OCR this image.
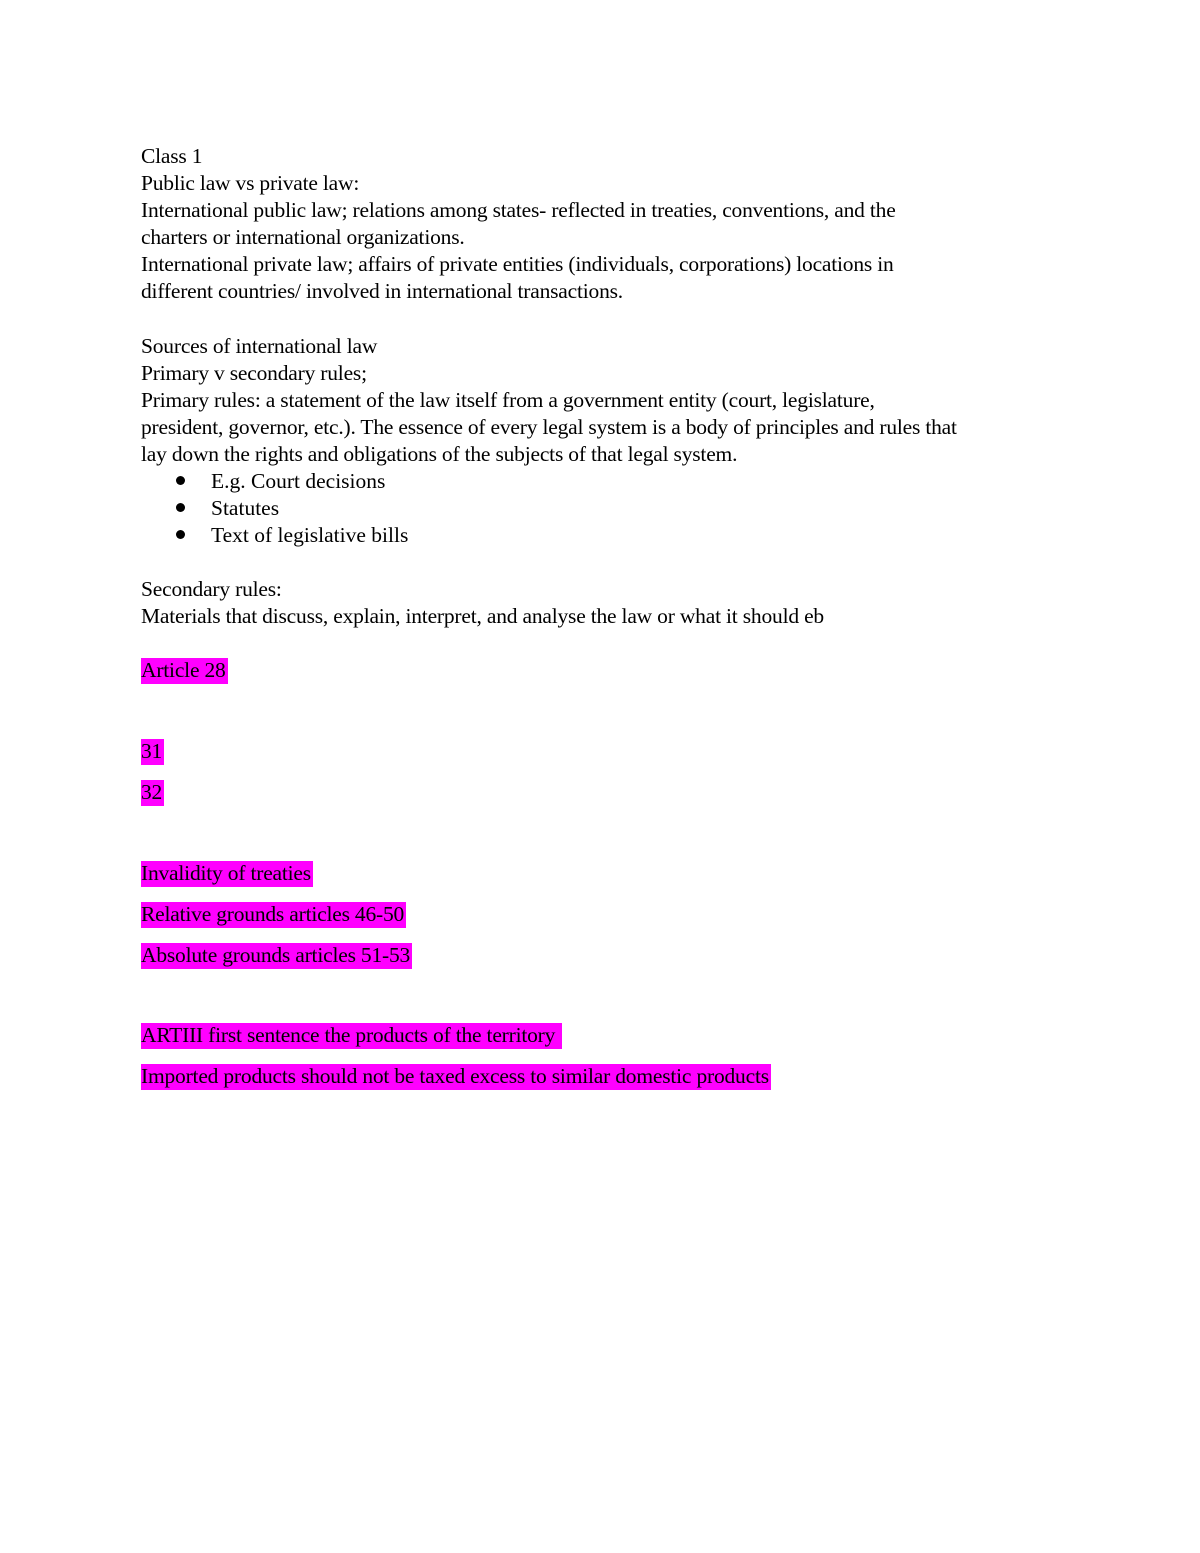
Class 1
Public law vs private law:
International public law; relations among states- reflected in treaties, conventions, and the
charters or international organizations.
International private law; affairs of private entities (individuals, corporations) locations in
different countries/ involved in international transactions.
Sources of international law
Primary v secondary rules;
Primary rules: a statement of the law itself from a government entity (court, legislature,
president, governor, etc.). The essence of every legal system is a body of principles and rules that
lay down the rights and obligations of the subjects of that legal system.
E.g. Court decisions
Statutes
Text of legislative bills
Secondary rules:
Materials that discuss, explain, interpret, and analyse the law or what it should eb
Article 28
31
32
Invalidity of treaties
Relative grounds articles 46-50
Absolute grounds articles 51-53
ARTIII first sentence the products of the territory
Imported products should not be taxed excess to similar domestic products
